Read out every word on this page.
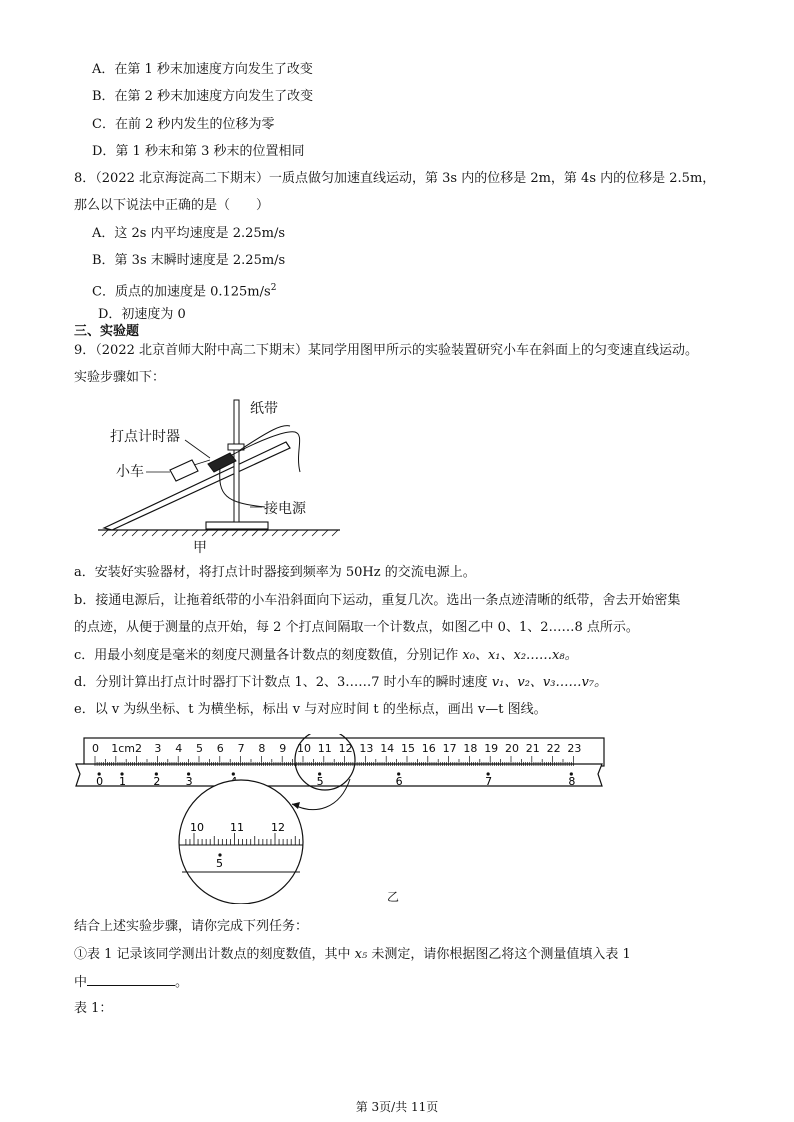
A．在第 1 秒末加速度方向发生了改变
B．在第 2 秒末加速度方向发生了改变
C．在前 2 秒内发生的位移为零
D．第 1 秒末和第 3 秒末的位置相同
8．（2022 北京海淀高二下期末）一质点做匀加速直线运动，第 3s 内的位移是 2m，第 4s 内的位移是 2.5m，
那么以下说法中正确的是（　　）
A．这 2s 内平均速度是 2.25m/s
B．第 3s 末瞬时速度是 2.25m/s
C．质点的加速度是 $0.125m/s^2$
D．初速度为 0
三、实验题
9．（2022 北京首师大附中高二下期末）某同学用图甲所示的实验装置研究小车在斜面上的匀变速直线运动。
实验步骤如下：
纸带
打点计时器
小车
接电源
甲
a．安装好实验器材，将打点计时器接到频率为 50Hz 的交流电源上。
b．接通电源后，让拖着纸带的小车沿斜面向下运动，重复几次。选出一条点迹清晰的纸带，舍去开始密集
的点迹，从便于测量的点开始，每 2 个打点间隔取一个计数点，如图乙中 0、1、2……8 点所示。
c．用最小刻度是毫米的刻度尺测量各计数点的刻度数值，分别记作 x₀、x₁、x₂……x₈。
d．分别计算出打点计时器打下计数点 1、2、3……7 时小车的瞬时速度 v₁、v₂、v₃……v₇。
e．以 v 为纵坐标、t 为横坐标，标出 v 与对应时间 t 的坐标点，画出 v—t 图线。
0 1cm2 3 4 5 6 7 8 9 10 11 12 13 14 15 16 17 18 19 20 21 22 23
0 1 2 3	5	6	7	8
10 11 12
5
乙
结合上述实验步骤，请你完成下列任务：
①表 1 记录该同学测出计数点的刻度数值，其中 x₅ 未测定，请你根据图乙将这个测量值填入表 1
中	。
表 1：
第 3页/共 11页
